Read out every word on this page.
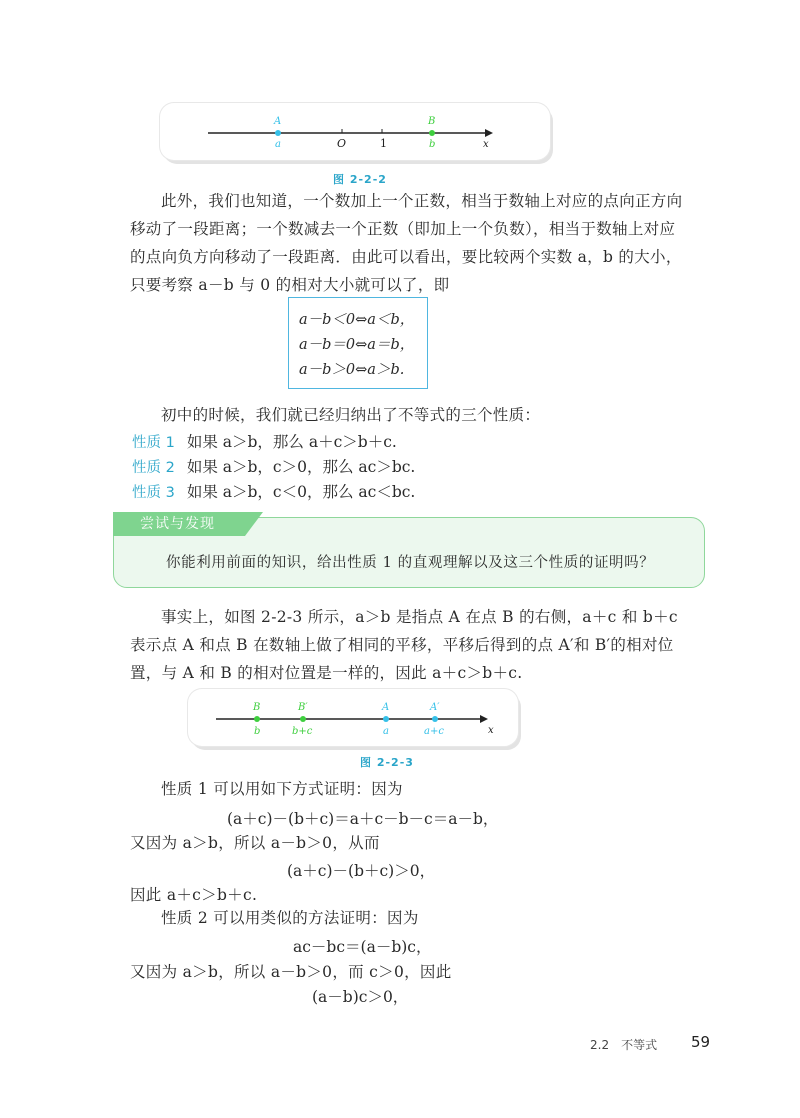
x
O	1
A
a
B
b
图 2-2-2
此外，我们也知道，一个数加上一个正数，相当于数轴上对应的点向正方向移动了一段距离；一个数减去一个正数（即加上一个负数），相当于数轴上对应的点向负方向移动了一段距离．由此可以看出，要比较两个实数 a，b 的大小，只要考察 a－b 与 0 的相对大小就可以了，即
a－b＜0⇔a＜b，
a－b＝0⇔a＝b，
a－b＞0⇔a＞b.
初中的时候，我们就已经归纳出了不等式的三个性质：
性质 1 如果 a＞b，那么 a＋c＞b＋c.
性质 2 如果 a＞b，c＞0，那么 ac＞bc.
性质 3 如果 a＞b，c＜0，那么 ac＜bc.
你能利用前面的知识，给出性质 1 的直观理解以及这三个性质的证明吗？
尝试与发现
事实上，如图 2-2-3 所示，a＞b 是指点 A 在点 B 的右侧，a＋c 和 b＋c 表示点 A 和点 B 在数轴上做了相同的平移，平移后得到的点 A′和 B′的相对位置，与 A 和 B 的相对位置是一样的，因此 a＋c＞b＋c.
x
B
b
B′
b+c
A
a
A′
a+c
图 2-2-3
性质 1 可以用如下方式证明：因为
(a＋c)－(b＋c)＝a＋c－b－c＝a－b，
又因为 a＞b，所以 a－b＞0，从而
(a＋c)－(b＋c)＞0，
因此 a＋c＞b＋c.
性质 2 可以用类似的方法证明：因为
ac－bc＝(a－b)c，
又因为 a＞b，所以 a－b＞0，而 c＞0，因此
(a－b)c＞0，
2.2　不等式 59
